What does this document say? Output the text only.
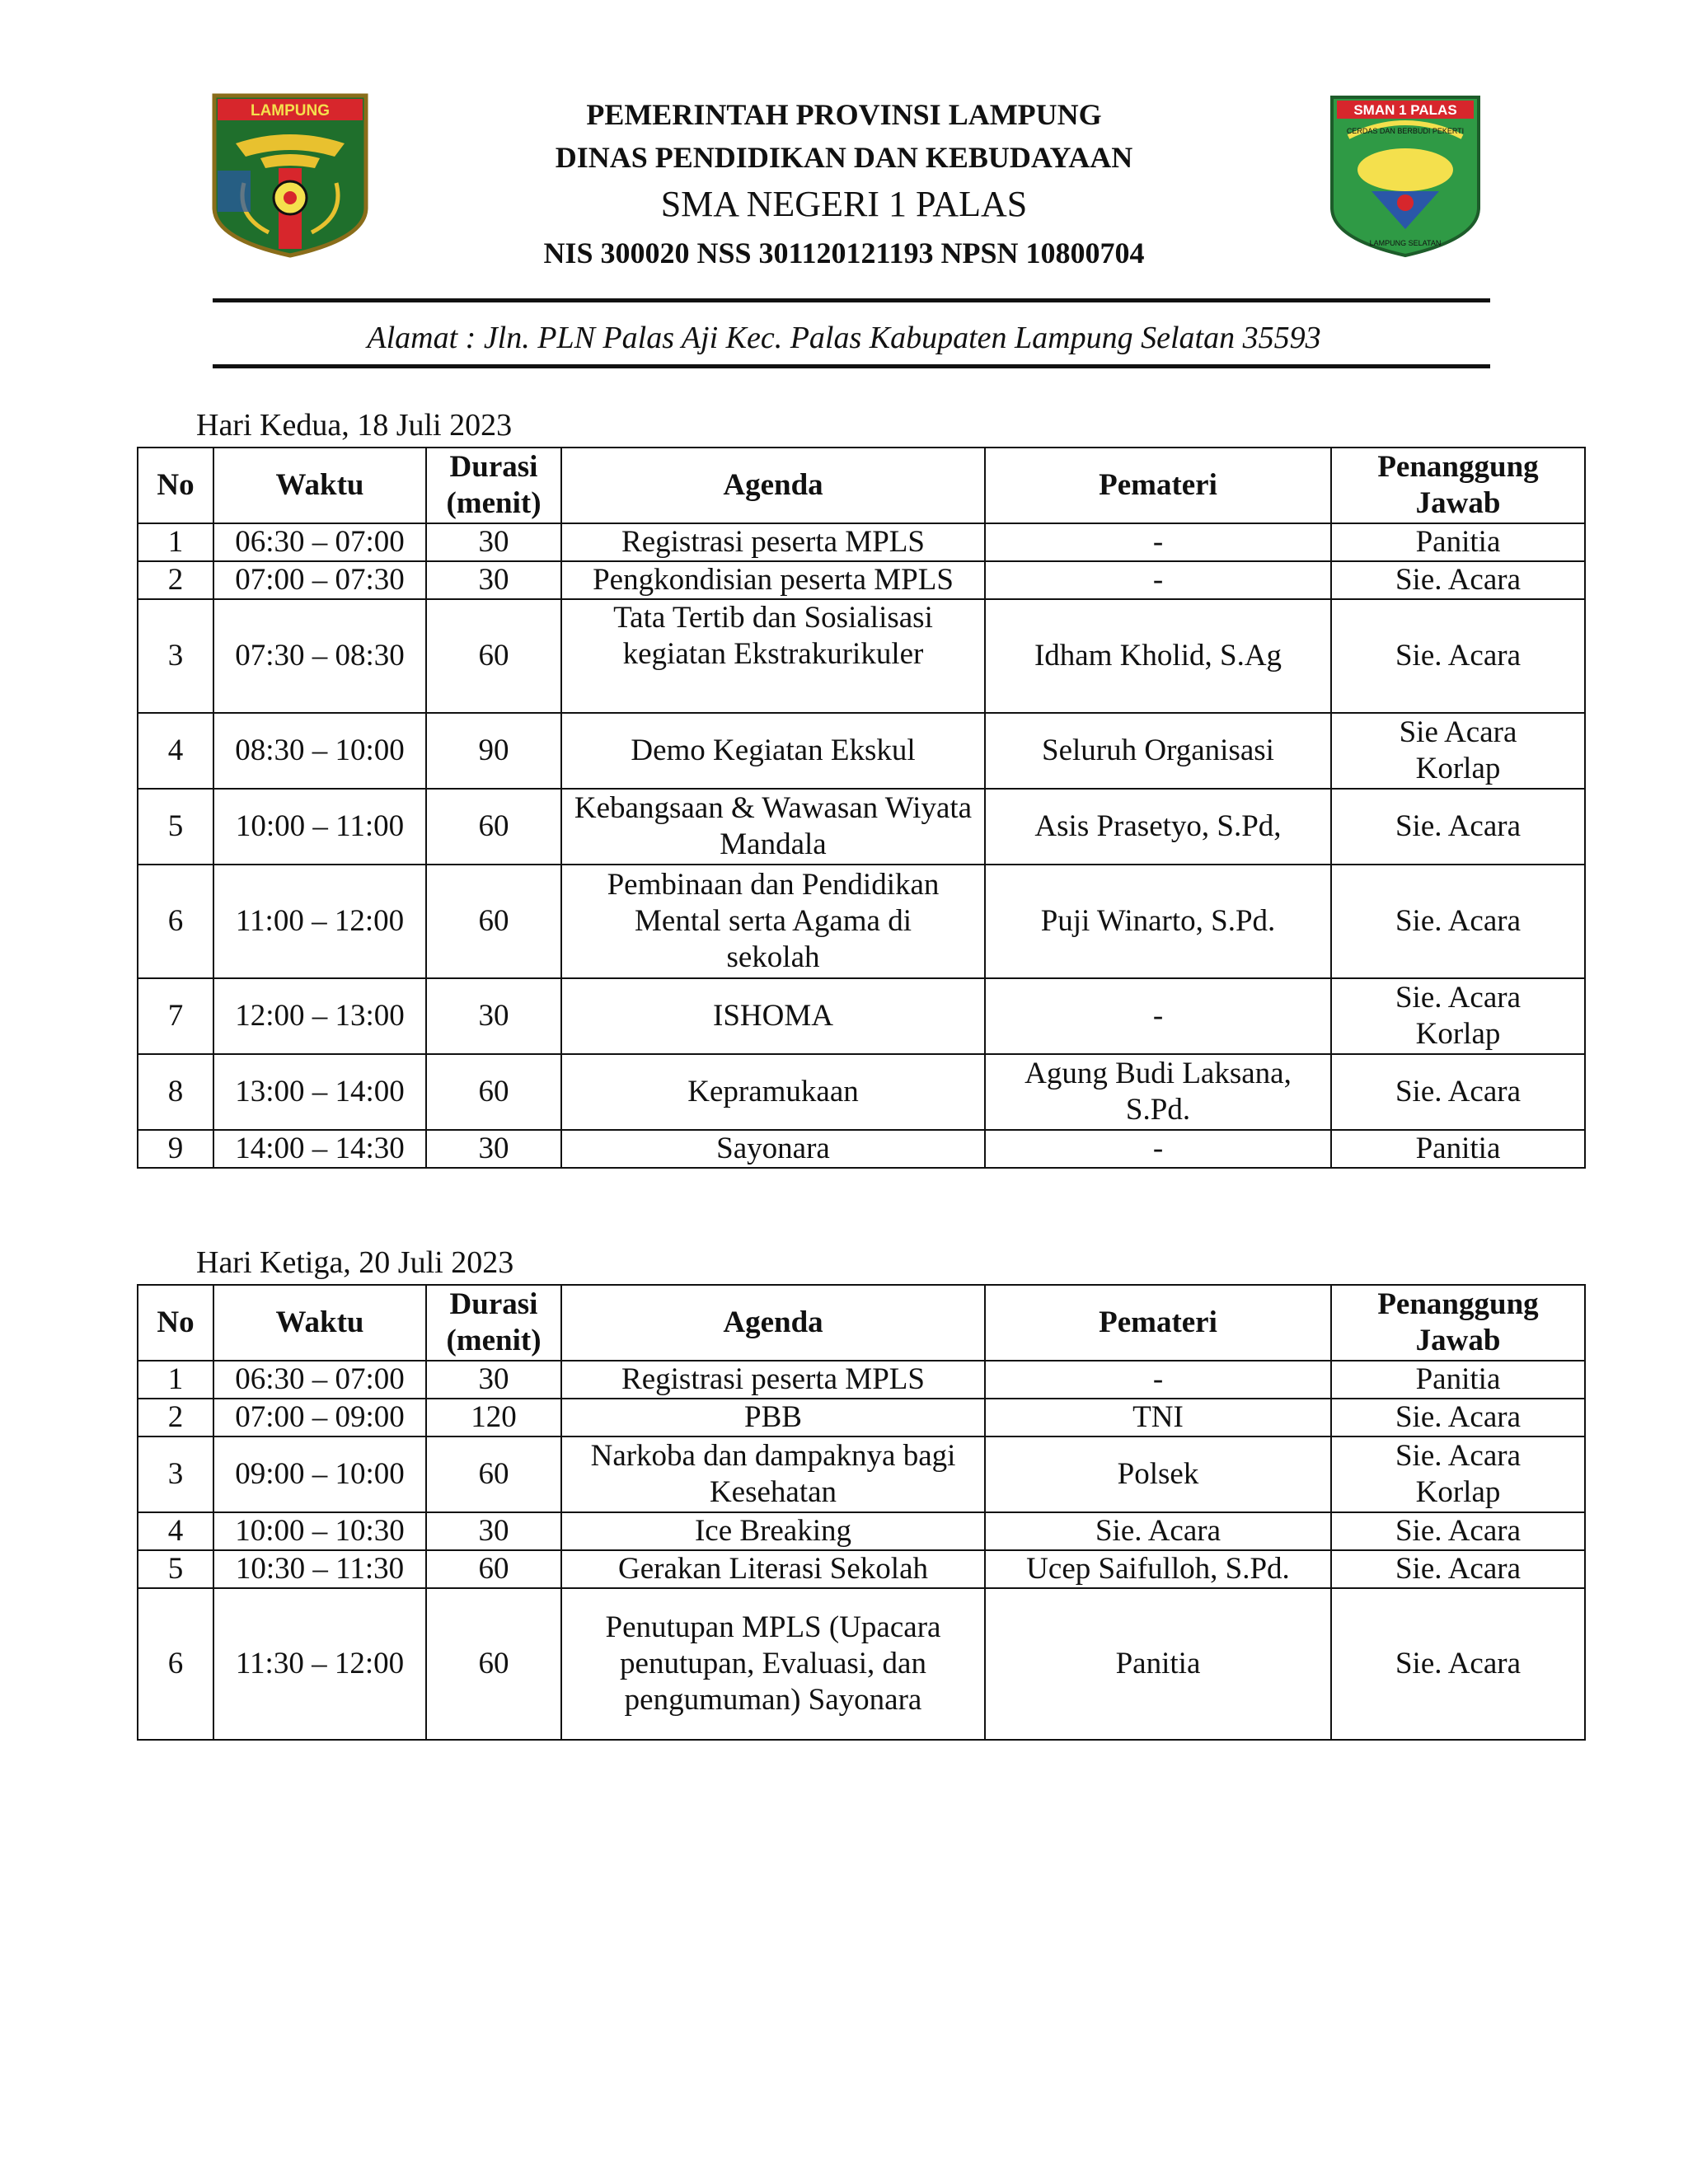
LAMPUNG	SMAN 1 PALAS
CERDAS DAN BERBUDI PEKERTI
LAMPUNG SELATAN
PEMERINTAH PROVINSI LAMPUNG
DINAS PENDIDIKAN DAN KEBUDAYAAN
SMA NEGERI 1 PALAS
NIS 300020 NSS 301120121193 NPSN 10800704
Alamat : Jln. PLN Palas Aji Kec. Palas Kabupaten Lampung Selatan 35593
Hari Kedua, 18 Juli 2023
No	Waktu	Durasi (menit)	Agenda	Pemateri	Penanggung Jawab
1	06:30 – 07:00	30	Registrasi peserta MPLS	-	Panitia
2	07:00 – 07:30	30	Pengkondisian peserta MPLS	-	Sie. Acara
3	07:30 – 08:30	60	Tata Tertib dan Sosialisasi kegiatan Ekstrakurikuler	Idham Kholid, S.Ag	Sie. Acara
4	08:30 – 10:00	90	Demo Kegiatan Ekskul	Seluruh Organisasi	Sie Acara Korlap
5	10:00 – 11:00	60	Kebangsaan & Wawasan Wiyata Mandala	Asis Prasetyo, S.Pd,	Sie. Acara
6	11:00 – 12:00	60	Pembinaan dan Pendidikan Mental serta Agama di sekolah	Puji Winarto, S.Pd.	Sie. Acara
7	12:00 – 13:00	30	ISHOMA	-	Sie. Acara Korlap
8	13:00 – 14:00	60	Kepramukaan	Agung Budi Laksana, S.Pd.	Sie. Acara
9	14:00 – 14:30	30	Sayonara	-	Panitia
Hari Ketiga, 20 Juli 2023
No	Waktu	Durasi (menit)	Agenda	Pemateri	Penanggung Jawab
1	06:30 – 07:00	30	Registrasi peserta MPLS	-	Panitia
2	07:00 – 09:00	120	PBB	TNI	Sie. Acara
3	09:00 – 10:00	60	Narkoba dan dampaknya bagi Kesehatan	Polsek	Sie. Acara Korlap
4	10:00 – 10:30	30	Ice Breaking	Sie. Acara	Sie. Acara
5	10:30 – 11:30	60	Gerakan Literasi Sekolah	Ucep Saifulloh, S.Pd.	Sie. Acara
6	11:30 – 12:00	60	Penutupan MPLS (Upacara penutupan, Evaluasi, dan pengumuman) Sayonara	Panitia	Sie. Acara
